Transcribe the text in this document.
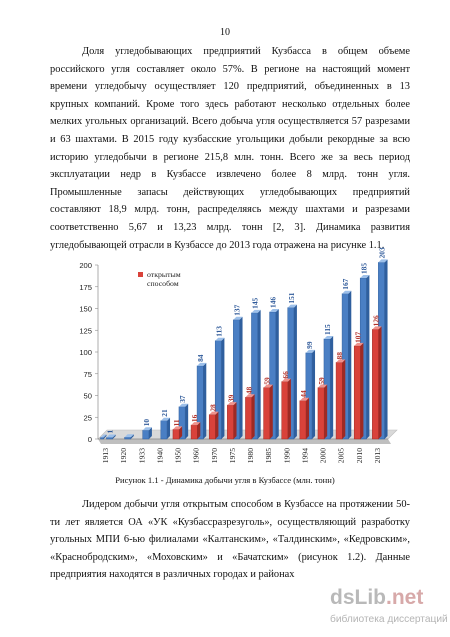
10

Доля угледобывающих предприятий Кузбасса в общем объеме российского угля составляет около 57%. В регионе на настоящий момент времени угледобычу осуществляет 120 предприятий, объединенных в 13 крупных компаний. Кроме того здесь работают несколько отдельных более мелких угольных организаций. Всего добыча угля осуществляется 57 разрезами и 63 шахтами. В 2015 году кузбасские угольщики добыли рекордные за всю историю угледобычи в регионе 215,8 млн. тонн. Всего же за весь период эксплуатации недр в Кузбассе извлечено более 8 млрд. тонн угля. Промышленные запасы действующих угледобывающих предприятий составляют 18,9 млрд. тонн, распределяясь между шахтами и разрезами соответственно 5,67 и 13,23 млрд. тонн [2, 3]. Динамика развития угледобывающей отрасли в Кузбассе до 2013 года отражена на рисунке 1.1.

0
25
50
75
100
125
150
175
200
1
1913 1920
10
1933
21
1940
37
11
1950
84
16
1960
113
28
1970
137
39
1975
145
48
1980
146
59
1985
151
66
1990
99
44
1994
115
59
2000
167
88
2005
185
107
2010
203
126
2013
открытым
способом
Рисунок 1.1 - Динамика добычи угля в Кузбассе (млн. тонн)

Лидером добычи угля открытым способом в Кузбассе на протяжении 50-ти лет является ОА «УК «Кузбассразрезуголь», осуществляющий разработку угольных МПИ 6-ью филиалами «Калтанским», «Талдинским», «Кедровским», «Краснобродским», «Моховским» и «Бачатским» (рисунок 1.2). Данные предприятия находятся в различных городах и районах

dsLib.net
библиотека диссертаций
